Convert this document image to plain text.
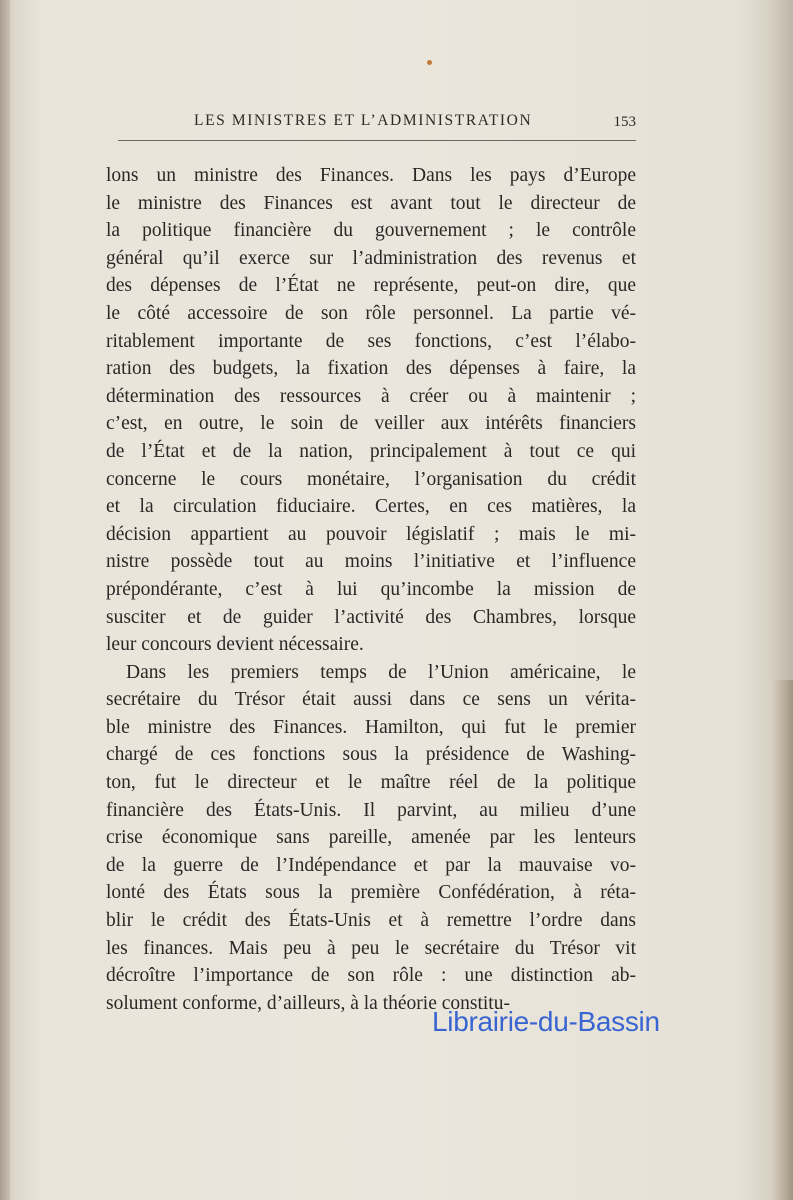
LES MINISTRES ET L’ADMINISTRATION	153
lons un ministre des Finances. Dans les pays d’Europe
le ministre des Finances est avant tout le directeur de
la politique financière du gouvernement ; le contrôle
général qu’il exerce sur l’administration des revenus et
des dépenses de l’État ne représente, peut-on dire, que
le côté accessoire de son rôle personnel. La partie vé-
ritablement importante de ses fonctions, c’est l’élabo-
ration des budgets, la fixation des dépenses à faire, la
détermination des ressources à créer ou à maintenir ;
c’est, en outre, le soin de veiller aux intérêts financiers
de l’État et de la nation, principalement à tout ce qui
concerne le cours monétaire, l’organisation du crédit
et la circulation fiduciaire. Certes, en ces matières, la
décision appartient au pouvoir législatif ; mais le mi-
nistre possède tout au moins l’initiative et l’influence
prépondérante, c’est à lui qu’incombe la mission de
susciter et de guider l’activité des Chambres, lorsque
leur concours devient nécessaire.
Dans les premiers temps de l’Union américaine, le
secrétaire du Trésor était aussi dans ce sens un vérita-
ble ministre des Finances. Hamilton, qui fut le premier
chargé de ces fonctions sous la présidence de Washing-
ton, fut le directeur et le maître réel de la politique
financière des États-Unis. Il parvint, au milieu d’une
crise économique sans pareille, amenée par les lenteurs
de la guerre de l’Indépendance et par la mauvaise vo-
lonté des États sous la première Confédération, à réta-
blir le crédit des États-Unis et à remettre l’ordre dans
les finances. Mais peu à peu le secrétaire du Trésor vit
décroître l’importance de son rôle : une distinction ab-
solument conforme, d’ailleurs, à la théorie constitu-
Librairie-du-Bassin
